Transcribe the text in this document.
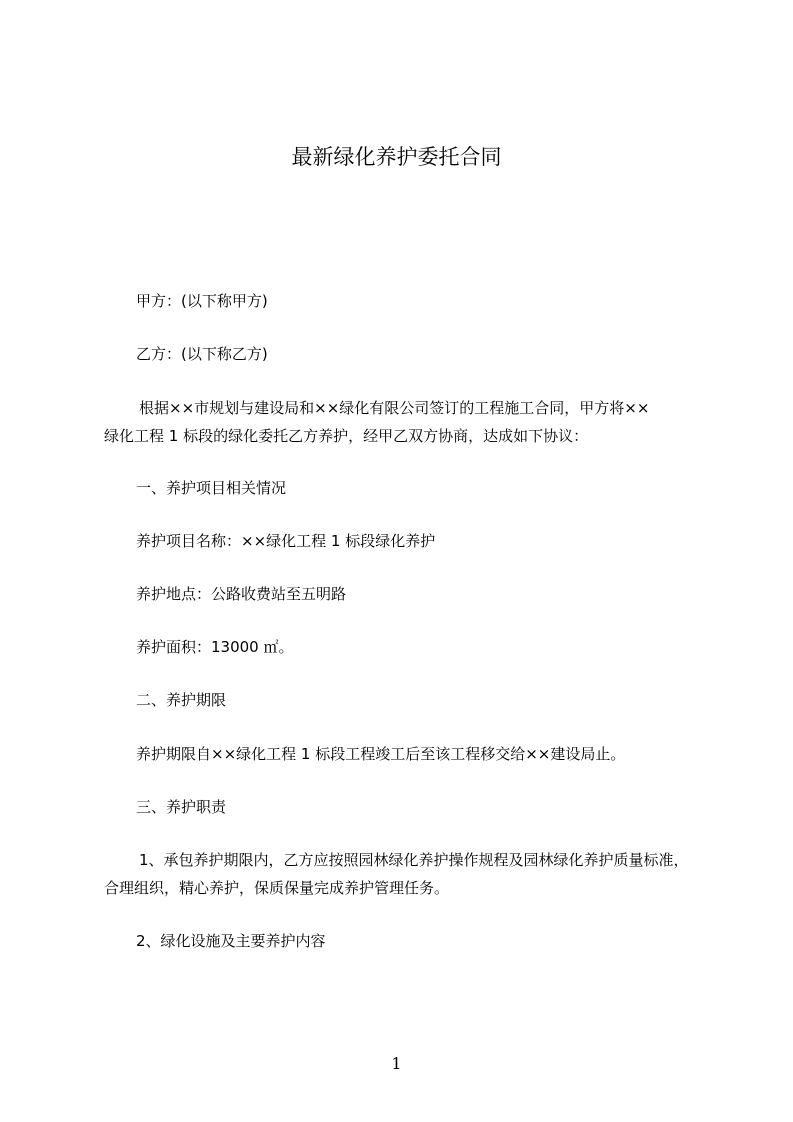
最新绿化养护委托合同

甲方：(以下称甲方)

乙方：(以下称乙方)

根据××市规划与建设局和××绿化有限公司签订的工程施工合同，甲方将××
绿化工程 1 标段的绿化委托乙方养护，经甲乙双方协商，达成如下协议：

一、养护项目相关情况

养护项目名称：××绿化工程 1 标段绿化养护

养护地点：公路收费站至五明路

养护面积：13000 ㎡。

二、养护期限

养护期限自××绿化工程 1 标段工程竣工后至该工程移交给××建设局止。

三、养护职责

1、承包养护期限内，乙方应按照园林绿化养护操作规程及园林绿化养护质量标准，
合理组织，精心养护，保质保量完成养护管理任务。

2、绿化设施及主要养护内容

1
